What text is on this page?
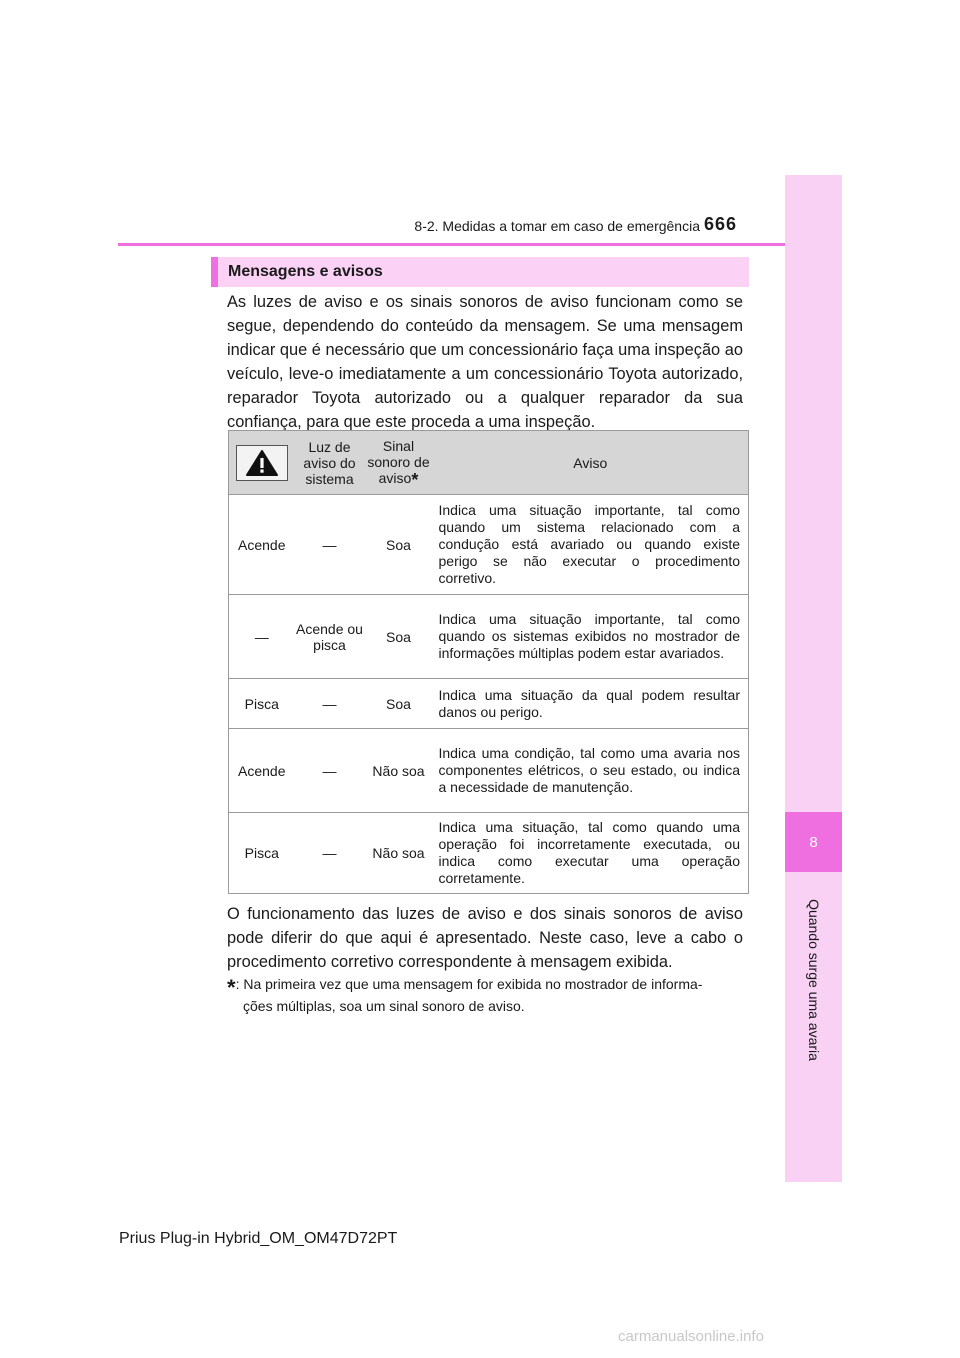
8
Quando surge uma avaria
8-2. Medidas a tomar em caso de emergência 666
Mensagens e avisos
As luzes de aviso e os sinais sonoros de aviso funcionam como se segue, dependendo do conteúdo da mensagem. Se uma mensagem indicar que é necessário que um concessionário faça uma inspeção ao veículo, leve-o imediatamente a um concessionário Toyota autorizado, reparador Toyota autorizado ou a qualquer reparador da sua confiança, para que este proceda a uma inspeção.
	Luz de aviso do sistema	Sinal sonoro de aviso*	Aviso
Acende	—	Soa	Indica uma situação importante, tal como quando um sistema relacionado com a condução está avariado ou quando existe perigo se não executar o procedimento corretivo.
—	Acende ou pisca	Soa	Indica uma situação importante, tal como quando os sistemas exibidos no mostrador de informações múltiplas podem estar avariados.
Pisca	—	Soa	Indica uma situação da qual podem resultar danos ou perigo.
Acende	—	Não soa	Indica uma condição, tal como uma avaria nos componentes elétricos, o seu estado, ou indica a necessidade de manutenção.
Pisca	—	Não soa	Indica uma situação, tal como quando uma operação foi incorretamente executada, ou indica como executar uma operação corretamente.
O funcionamento das luzes de aviso e dos sinais sonoros de aviso pode diferir do que aqui é apresentado. Neste caso, leve a cabo o procedimento corretivo correspondente à mensagem exibida.
*: Na primeira vez que uma mensagem for exibida no mostrador de informa-
ções múltiplas, soa um sinal sonoro de aviso.
Prius Plug-in Hybrid_OM_OM47D72PT
carmanualsonline.info
